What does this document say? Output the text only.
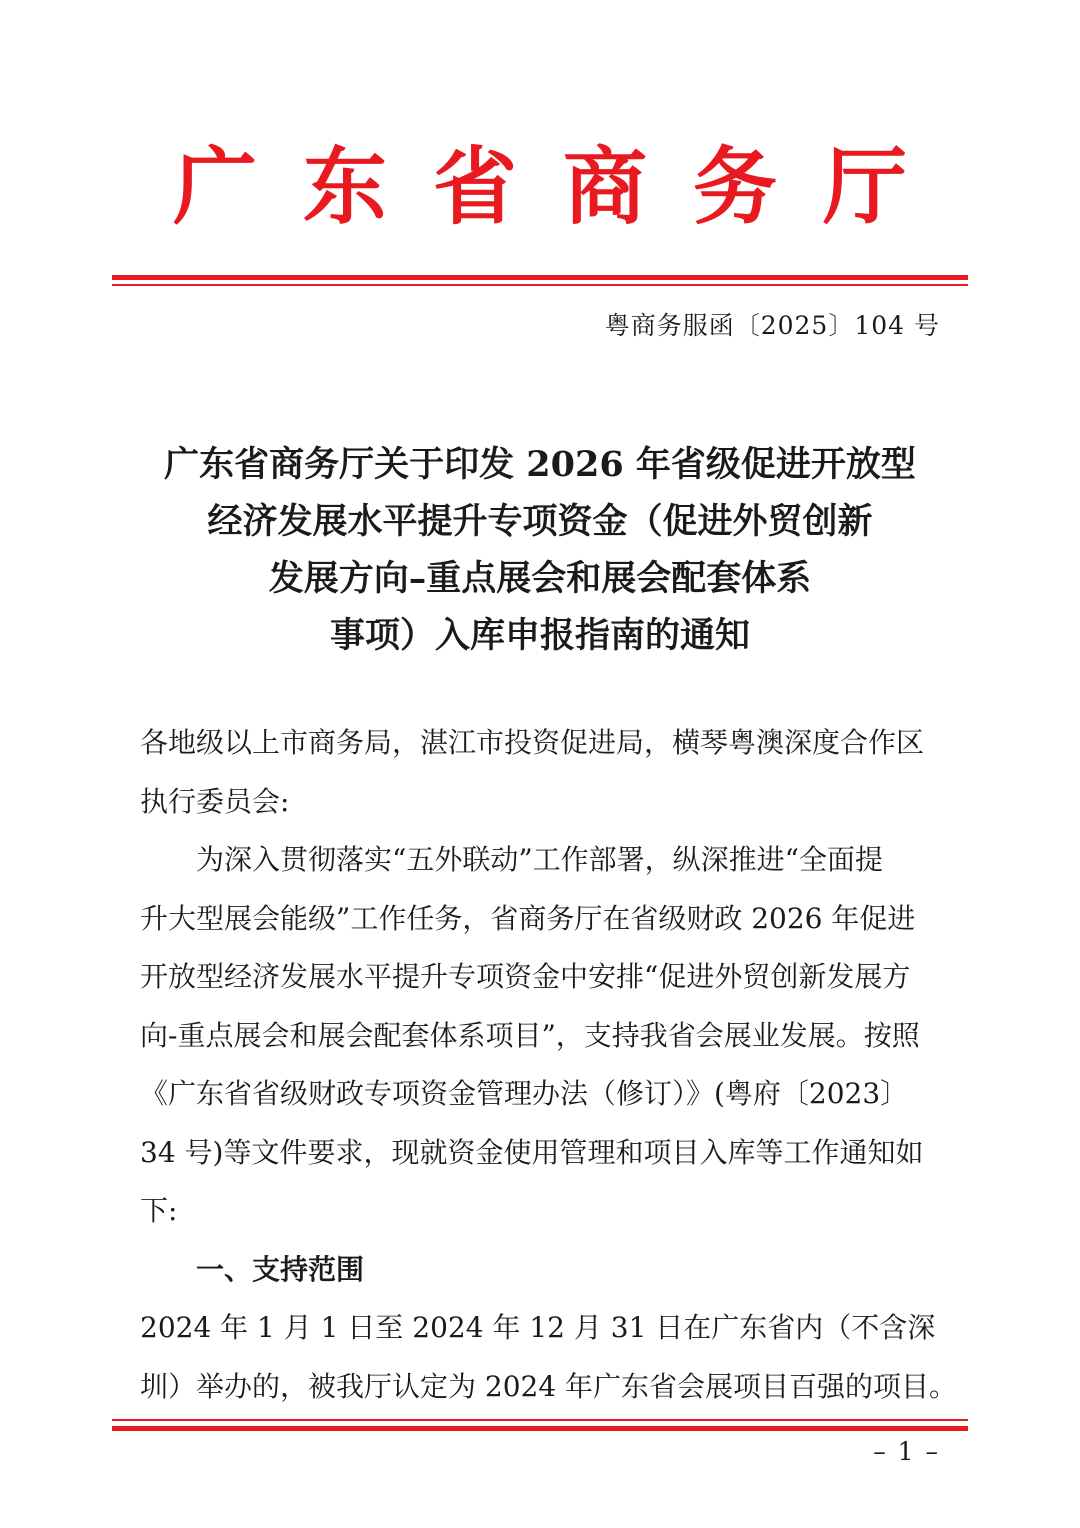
广东省商务厅
粤商务服函〔2025〕104 号
广东省商务厅关于印发 2026 年省级促进开放型
经济发展水平提升专项资金（促进外贸创新
发展方向–重点展会和展会配套体系
事项）入库申报指南的通知
各地级以上市商务局，湛江市投资促进局，横琴粤澳深度合作区
执行委员会:
　　为深入贯彻落实“五外联动”工作部署，纵深推进“全面提
升大型展会能级”工作任务，省商务厅在省级财政 2026 年促进
开放型经济发展水平提升专项资金中安排“促进外贸创新发展方
向-重点展会和展会配套体系项目”，支持我省会展业发展。按照
《广东省省级财政专项资金管理办法（修订）》(粤府〔2023〕
34 号)等文件要求，现就资金使用管理和项目入库等工作通知如
下:
一、支持范围
2024 年 1 月 1 日至 2024 年 12 月 31 日在广东省内（不含深
圳）举办的，被我厅认定为 2024 年广东省会展项目百强的项目。
– 1 –
